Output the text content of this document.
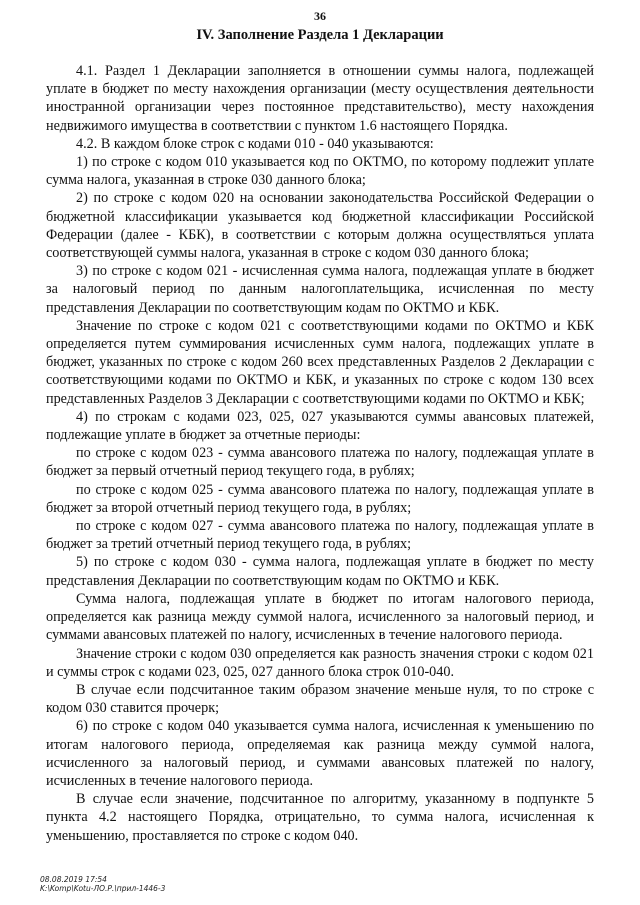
36
IV. Заполнение Раздела 1 Декларации

4.1. Раздел 1 Декларации заполняется в отношении суммы налога, подлежащей уплате в бюджет по месту нахождения организации (месту осуществления деятельности иностранной организации через постоянное представительство), месту нахождения недвижимого имущества в соответствии с пунктом 1.6 настоящего Порядка.

4.2. В каждом блоке строк с кодами 010 - 040 указываются:

1) по строке с кодом 010 указывается код по ОКТМО, по которому подлежит уплате сумма налога, указанная в строке 030 данного блока;

2) по строке с кодом 020 на основании законодательства Российской Федерации о бюджетной классификации указывается код бюджетной классификации Российской Федерации (далее - КБК), в соответствии с которым должна осуществляться уплата соответствующей суммы налога, указанная в строке с кодом 030 данного блока;

3) по строке с кодом 021 - исчисленная сумма налога, подлежащая уплате в бюджет за налоговый период по данным налогоплательщика, исчисленная по месту представления Декларации по соответствующим кодам по ОКТМО и КБК.

Значение по строке с кодом 021 с соответствующими кодами по ОКТМО и КБК определяется путем суммирования исчисленных сумм налога, подлежащих уплате в бюджет, указанных по строке с кодом 260 всех представленных Разделов 2 Декларации с соответствующими кодами по ОКТМО и КБК, и указанных по строке с кодом 130 всех представленных Разделов 3 Декларации с соответствующими кодами по ОКТМО и КБК;

4) по строкам с кодами 023, 025, 027 указываются суммы авансовых платежей, подлежащие уплате в бюджет за отчетные периоды:

по строке с кодом 023 - сумма авансового платежа по налогу, подлежащая уплате в бюджет за первый отчетный период текущего года, в рублях;

по строке с кодом 025 - сумма авансового платежа по налогу, подлежащая уплате в бюджет за второй отчетный период текущего года, в рублях;

по строке с кодом 027 - сумма авансового платежа по налогу, подлежащая уплате в бюджет за третий отчетный период текущего года, в рублях;

5) по строке с кодом 030 - сумма налога, подлежащая уплате в бюджет по месту представления Декларации по соответствующим кодам по ОКТМО и КБК.

Сумма налога, подлежащая уплате в бюджет по итогам налогового периода, определяется как разница между суммой налога, исчисленного за налоговый период, и суммами авансовых платежей по налогу, исчисленных в течение налогового периода.

Значение строки с кодом 030 определяется как разность значения строки с кодом 021 и суммы строк с кодами 023, 025, 027 данного блока строк 010-040.

В случае если подсчитанное таким образом значение меньше нуля, то по строке с кодом 030 ставится прочерк;

6) по строке с кодом 040 указывается сумма налога, исчисленная к уменьшению по итогам налогового периода, определяемая как разница между суммой налога, исчисленного за налоговый период, и суммами авансовых платежей по налогу, исчисленных в течение налогового периода.

В случае если значение, подсчитанное по алгоритму, указанному в подпункте 5 пункта 4.2 настоящего Порядка, отрицательно, то сумма налога, исчисленная к уменьшению, проставляется по строке с кодом 040.

08.08.2019 17:54
K:\Komp\Kotu-ЛО.Р.\прил-1446-3
